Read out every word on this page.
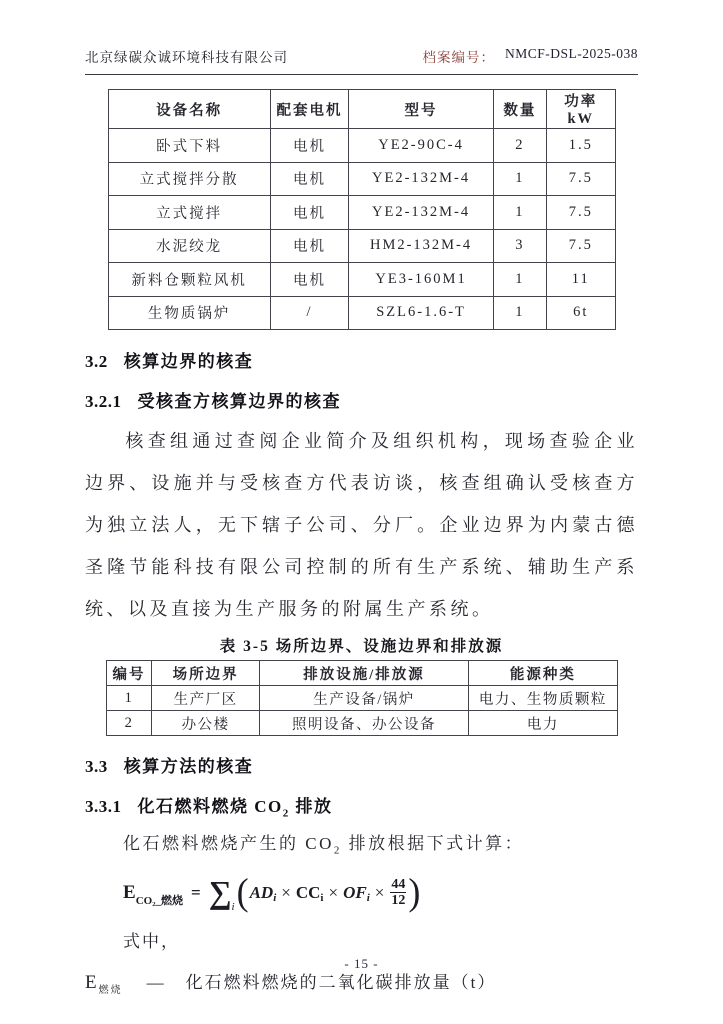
北京绿碳众诚环境科技有限公司	档案编号： NMCF-DSL-2025-038
设备名称	配套电机	型号	数量	功率 kW
卧式下料	电机	YE2-90C-4	2	1.5
立式搅拌分散	电机	YE2-132M-4	1	7.5
立式搅拌	电机	YE2-132M-4	1	7.5
水泥绞龙	电机	HM2-132M-4	3	7.5
新料仓颗粒风机	电机	YE3-160M1	1	11
生物质锅炉	/	SZL6-1.6-T	1	6t
3.2 核算边界的核查
3.2.1 受核查方核算边界的核查

核查组通过查阅企业简介及组织机构，现场查验企业边界、设施并与受核查方代表访谈，核查组确认受核查方为独立法人，无下辖子公司、分厂。企业边界为内蒙古德圣隆节能科技有限公司控制的所有生产系统、辅助生产系统、以及直接为生产服务的附属生产系统。

表 3-5 场所边界、设施边界和排放源
编号	场所边界	排放设施/排放源	能源种类
1	生产厂区	生产设备/锅炉	电力、生物质颗粒
2	办公楼	照明设备、办公设备	电力
3.3 核算方法的核查
3.3.1 化石燃料燃烧 $CO_2$ 排放
化石燃料燃烧产生的 $CO_2$ 排放根据下式计算：
E CO₂_燃烧 = ∑ i ( ADi × CCi × OFi × $\frac{44}{12}$ )
式中，
$E_{燃烧}$ — 化石燃料燃烧的二氧化碳排放量（t）
- 15 -
